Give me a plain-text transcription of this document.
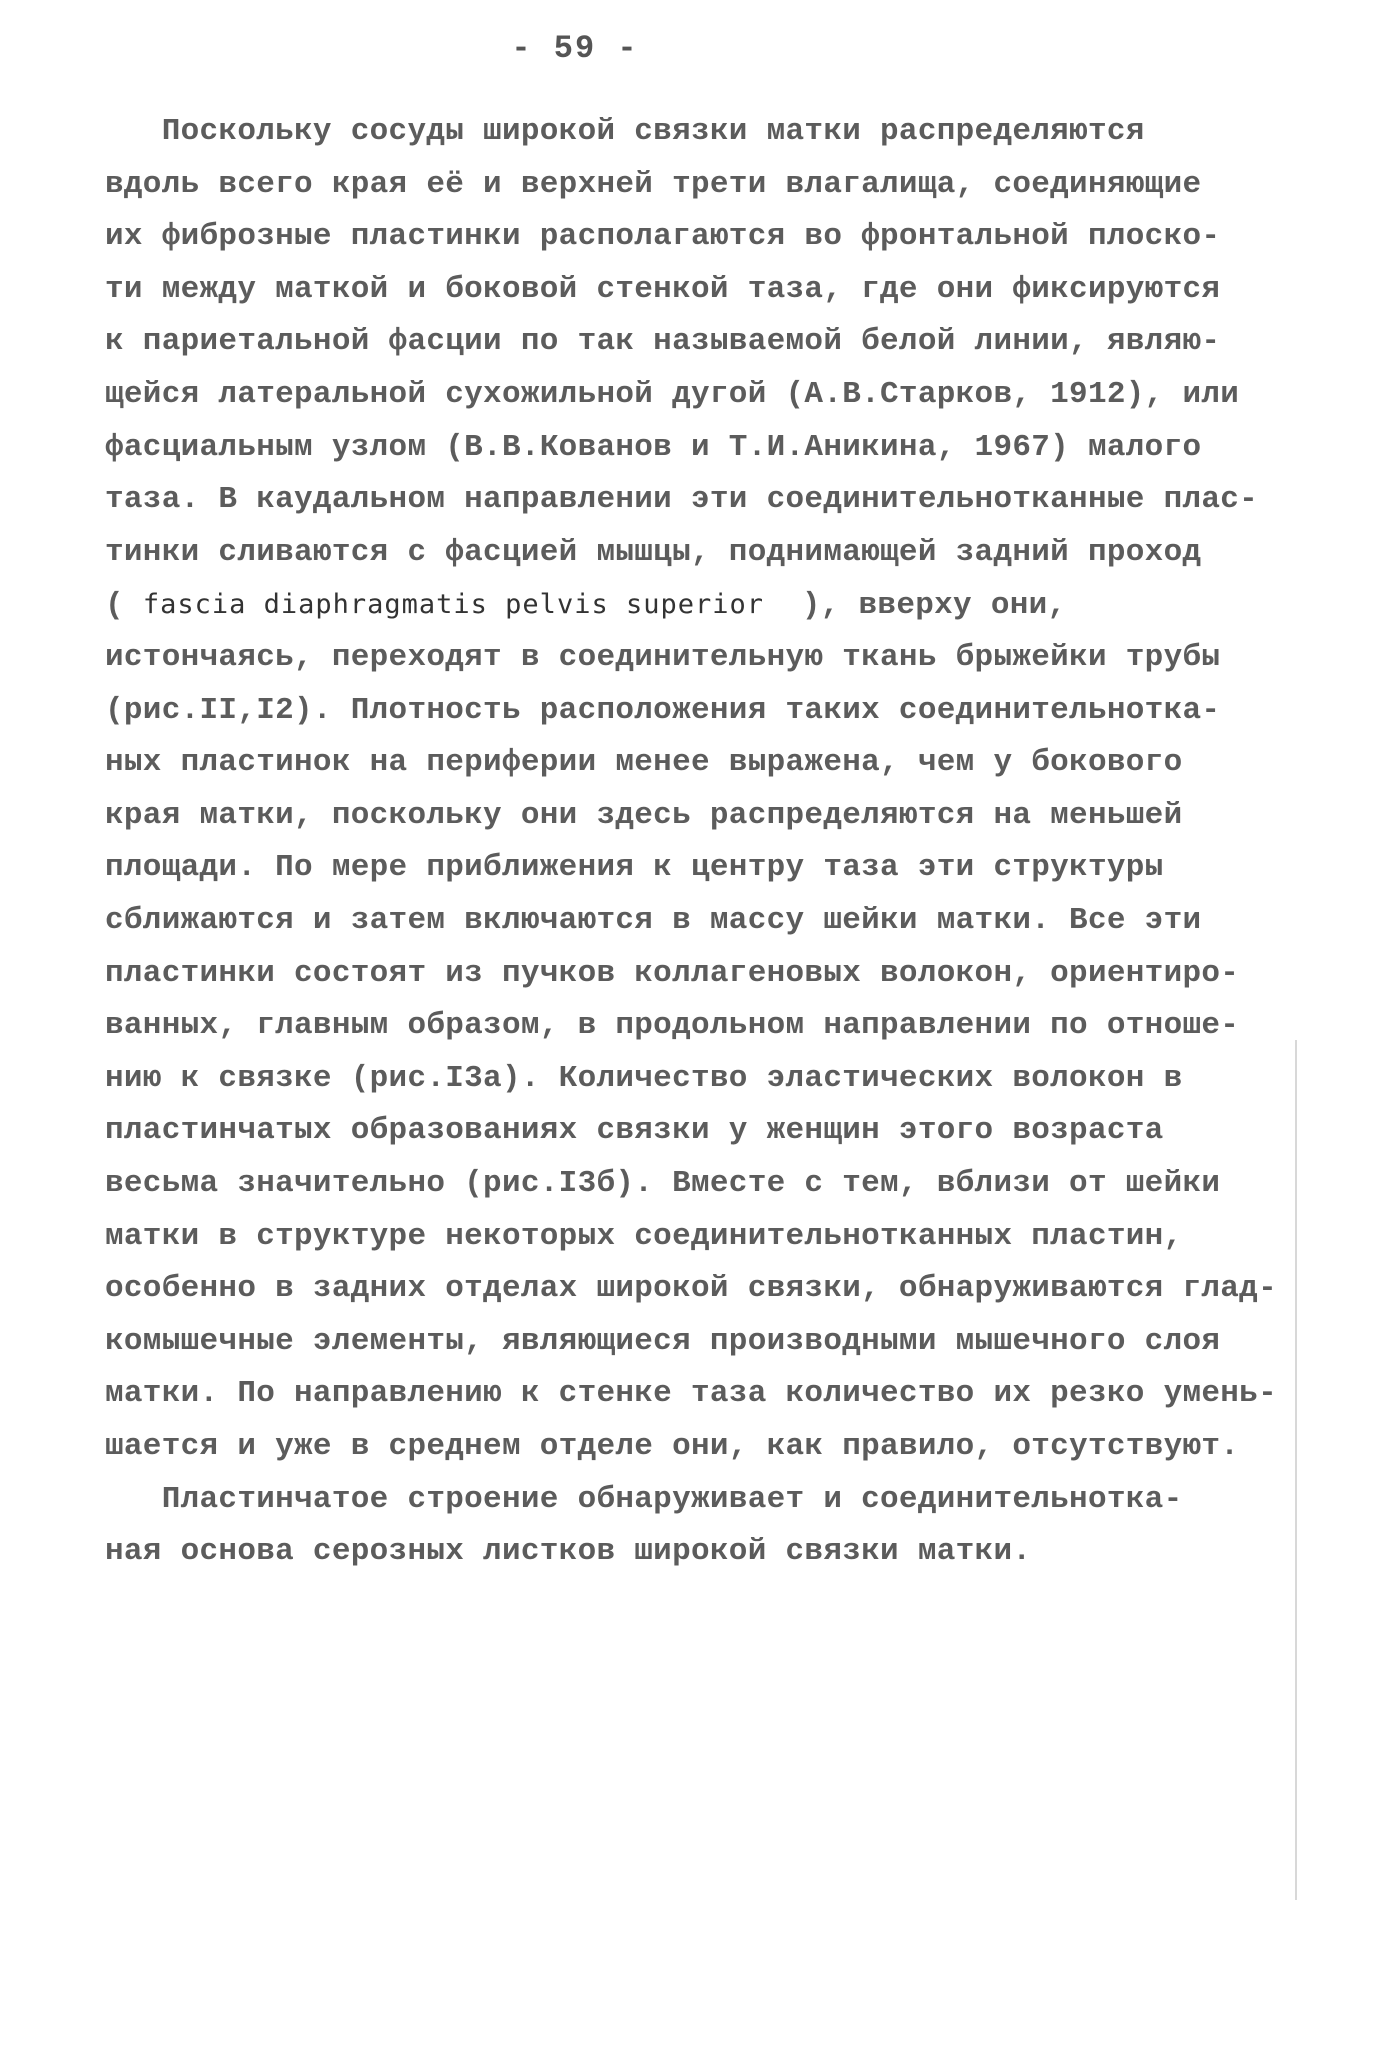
- 59 -
Поскольку сосуды широкой связки матки распределяются
вдоль всего края её и верхней трети влагалища, соединяющие
их фиброзные пластинки располагаются во фронтальной плоско-
ти между маткой и боковой стенкой таза, где они фиксируются
к париетальной фасции по так называемой белой линии, являю-
щейся латеральной сухожильной дугой (А.В.Старков, 1912), или
фасциальным узлом (В.В.Кованов и Т.И.Аникина, 1967) малого
таза. В каудальном направлении эти соединительнотканные плас-
тинки сливаются с фасцией мышцы, поднимающей задний проход
( fascia diaphragmatis pelvis superior  ), вверху они,
истончаясь, переходят в соединительную ткань брыжейки трубы
(рис.II,I2). Плотность расположения таких соединительнотка-
ных пластинок на периферии менее выражена, чем у бокового
края матки, поскольку они здесь распределяются на меньшей
площади. По мере приближения к центру таза эти структуры
сближаются и затем включаются в массу шейки матки. Все эти
пластинки состоят из пучков коллагеновых волокон, ориентиро-
ванных, главным образом, в продольном направлении по отноше-
нию к связке (рис.I3а). Количество эластических волокон в
пластинчатых образованиях связки у женщин этого возраста
весьма значительно (рис.I3б). Вместе с тем, вблизи от шейки
матки в структуре некоторых соединительнотканных пластин,
особенно в задних отделах широкой связки, обнаруживаются глад-
комышечные элементы, являющиеся производными мышечного слоя
матки. По направлению к стенке таза количество их резко умень-
шается и уже в среднем отделе они, как правило, отсутствуют.
Пластинчатое строение обнаруживает и соединительнотка-
ная основа серозных листков широкой связки матки.
